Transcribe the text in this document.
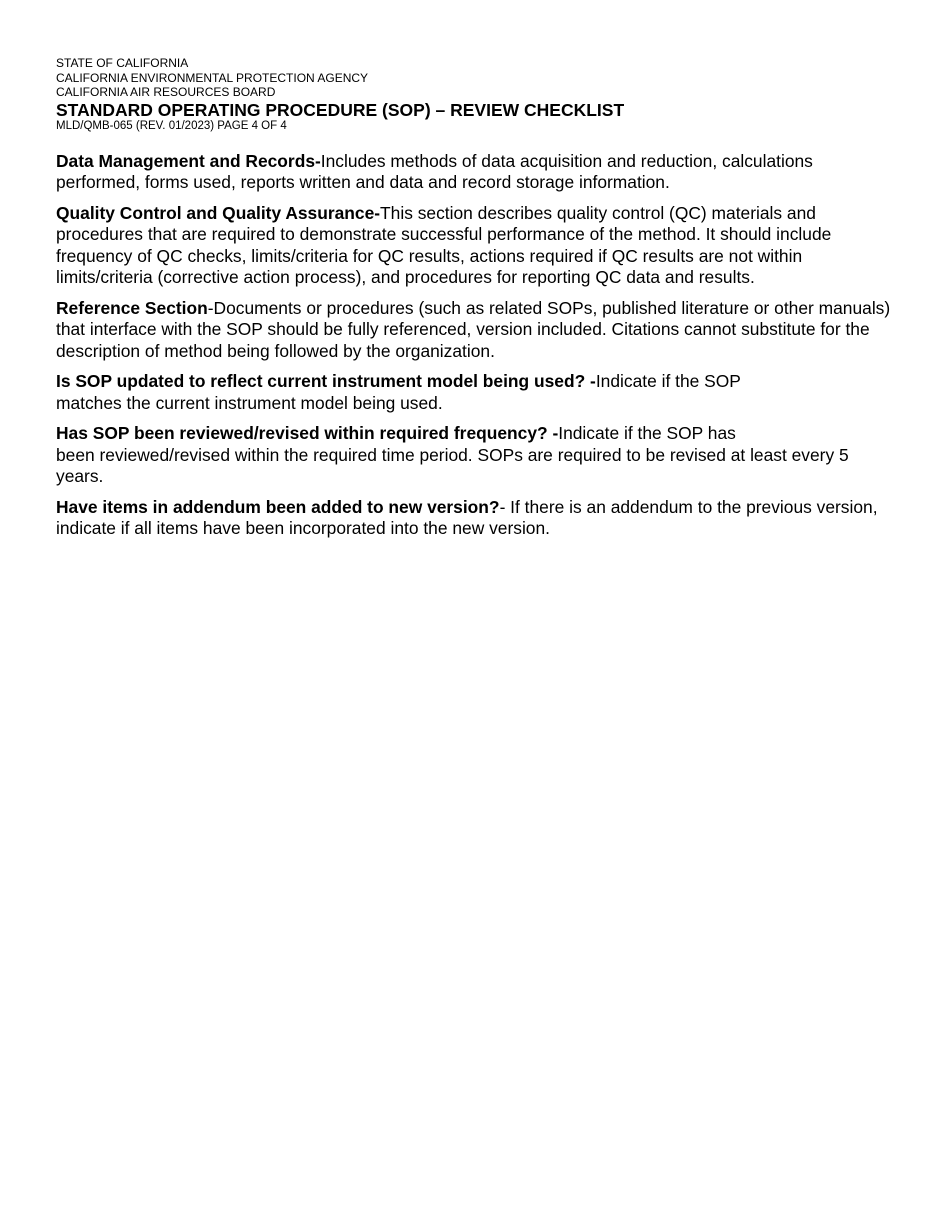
STATE OF CALIFORNIA

CALIFORNIA ENVIRONMENTAL PROTECTION AGENCY

CALIFORNIA AIR RESOURCES BOARD

STANDARD OPERATING PROCEDURE (SOP) – REVIEW CHECKLIST

MLD/QMB-065 (REV. 01/2023) PAGE 4 OF 4

Data Management and Records-Includes methods of data acquisition and reduction, calculations performed, forms used, reports written and data and record storage information.

Quality Control and Quality Assurance-This section describes quality control (QC) materials and procedures that are required to demonstrate successful performance of the method. It should include frequency of QC checks, limits/criteria for QC results, actions required if QC results are not within limits/criteria (corrective action process), and procedures for reporting QC data and results.

Reference Section-Documents or procedures (such as related SOPs, published literature or other manuals) that interface with the SOP should be fully referenced, version included. Citations cannot substitute for the description of method being followed by the organization.

Is SOP updated to reflect current instrument model being used? -Indicate if the SOP
matches the current instrument model being used.

Has SOP been reviewed/revised within required frequency? -Indicate if the SOP has
been reviewed/revised within the required time period. SOPs are required to be revised at least every 5 years.

Have items in addendum been added to new version?- If there is an addendum to the previous version, indicate if all items have been incorporated into the new version.
